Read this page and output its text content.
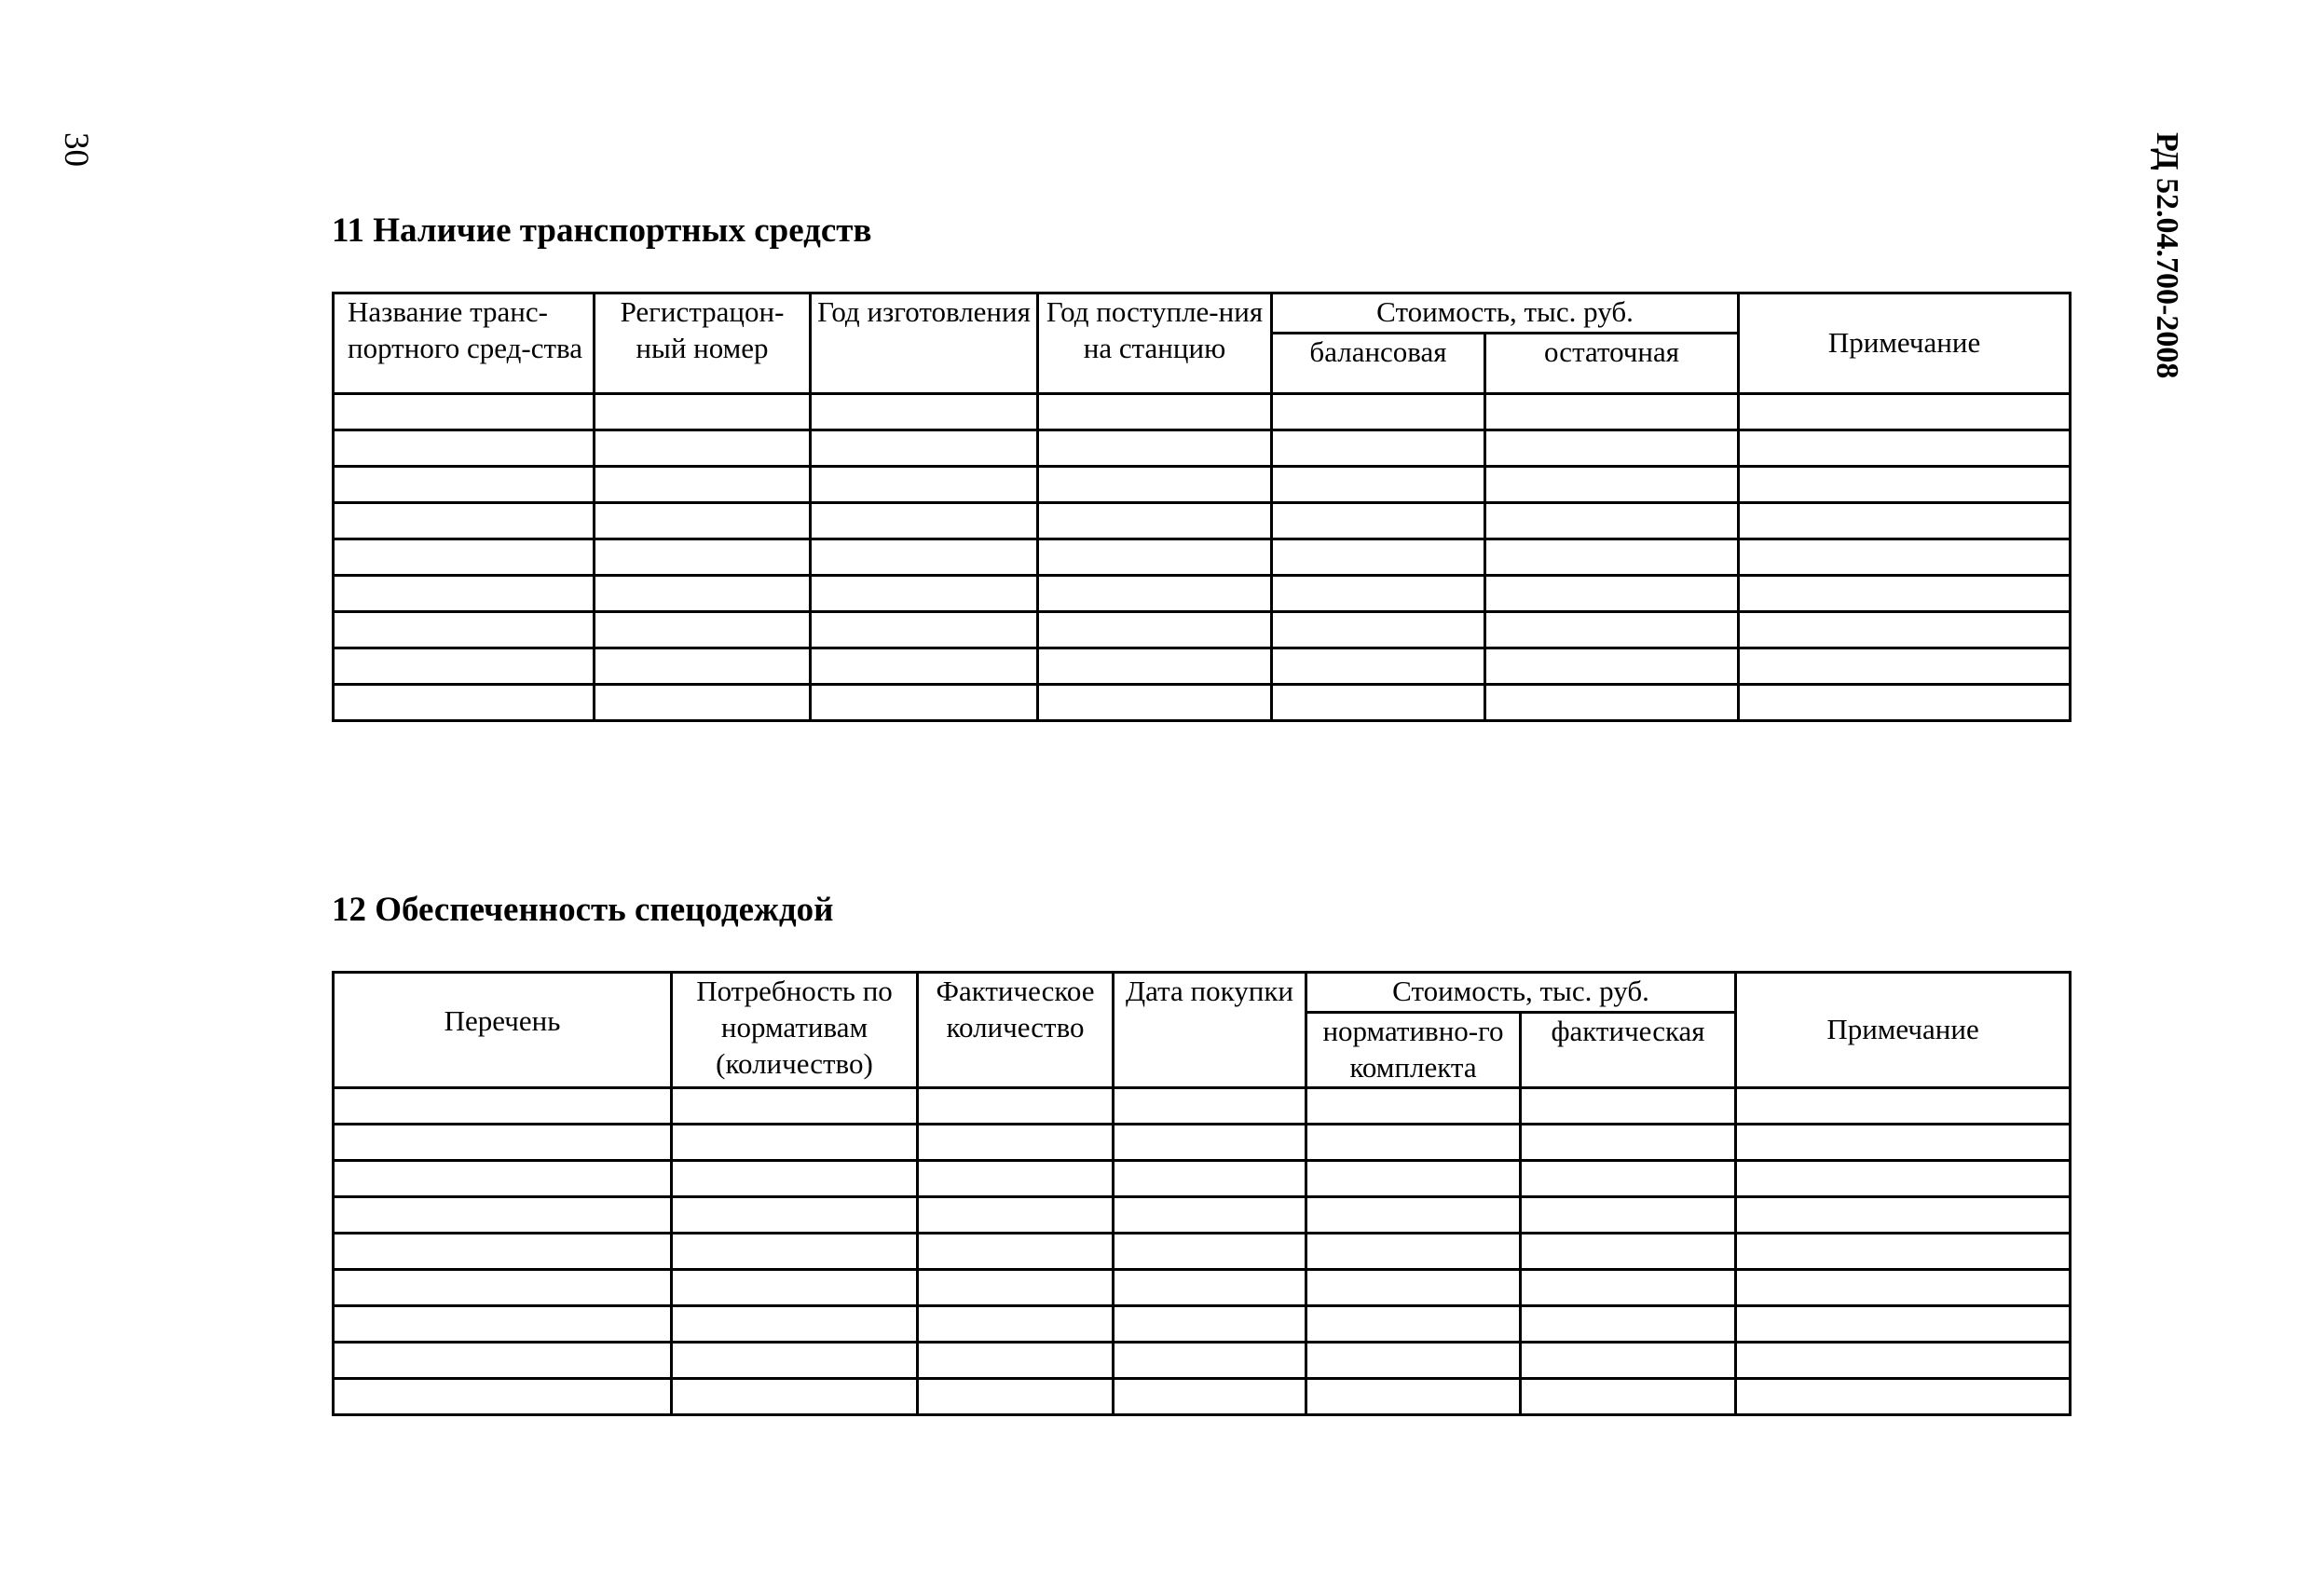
30	РД 52.04.700-2008
11 Наличие транспортных средств
Название транс-портного сред-ства	Регистрацон-ный номер	Год изготовления	Год поступле-ния на станцию	Стоимость, тыс. руб.		Примечание
				балансовая	остаточная	

12 Обеспеченность спецодеждой
Перечень	Потребность по нормативам (количество)	Фактическое количество	Дата покупки	Стоимость, тыс. руб.		Примечание
				нормативно-го комплекта	фактическая	
